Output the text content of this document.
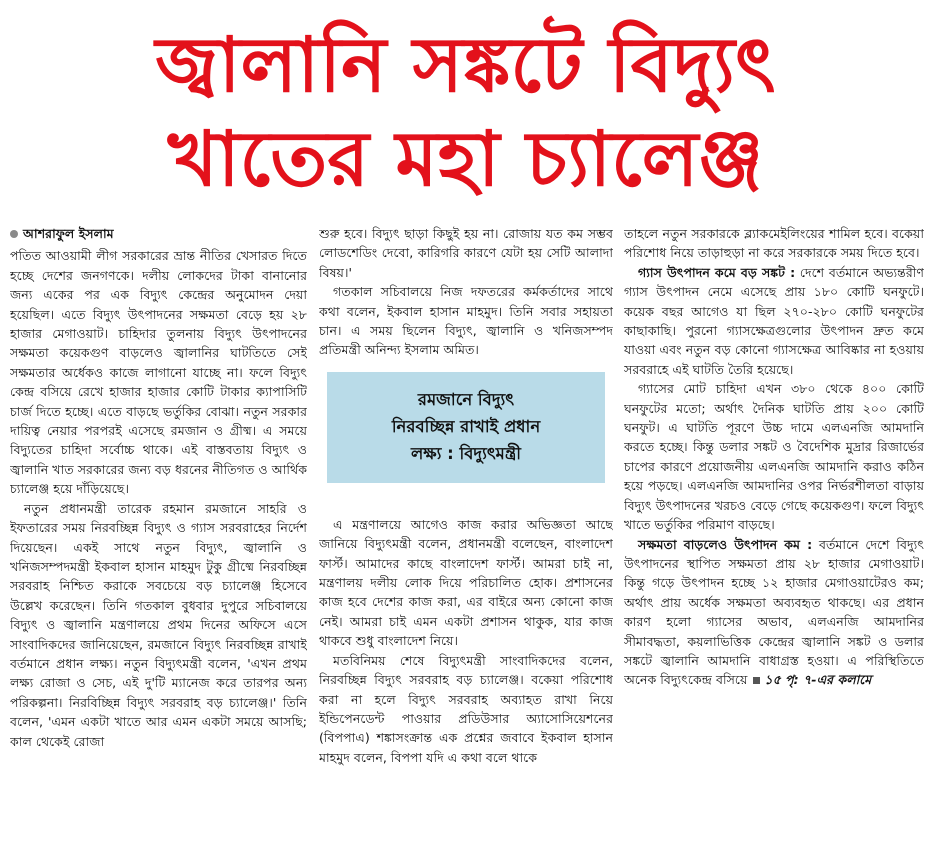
জ্বালানি সঙ্কটে বিদ্যুৎ
খাতের মহা চ্যালেঞ্জ
আশরাফুল ইসলাম

পতিত আওয়ামী লীগ সরকারের ভ্রান্ত নীতির খেসারত দিতে হচ্ছে দেশের জনগণকে। দলীয় লোকদের টাকা বানানোর জন্য একের পর এক বিদ্যুৎ কেন্দ্রের অনুমোদন দেয়া হয়েছিল। এতে বিদ্যুৎ উৎপাদনের সক্ষমতা বেড়ে হয় ২৮ হাজার মেগাওয়াট। চাহিদার তুলনায় বিদ্যুৎ উৎপাদনের সক্ষমতা কয়েকগুণ বাড়লেও জ্বালানির ঘাটতিতে সেই সক্ষমতার অর্ধেকও কাজে লাগানো যাচ্ছে না। ফলে বিদ্যুৎ কেন্দ্র বসিয়ে রেখে হাজার হাজার কোটি টাকার ক্যাপাসিটি চার্জ দিতে হচ্ছে। এতে বাড়ছে ভর্তুকির বোঝা। নতুন সরকার দায়িত্ব নেয়ার পরপরই এসেছে রমজান ও গ্রীষ্ম। এ সময়ে বিদ্যুতের চাহিদা সর্বোচ্চ থাকে। এই বাস্তবতায় বিদ্যুৎ ও জ্বালানি খাত সরকারের জন্য বড় ধরনের নীতিগত ও আর্থিক চ্যালেঞ্জ হয়ে দাঁড়িয়েছে।

নতুন প্রধানমন্ত্রী তারেক রহমান রমজানে সাহরি ও ইফতারের সময় নিরবচ্ছিন্ন বিদ্যুৎ ও গ্যাস সরবরাহের নির্দেশ দিয়েছেন। একই সাথে নতুন বিদ্যুৎ, জ্বালানি ও খনিজসম্পদমন্ত্রী ইকবাল হাসান মাহমুদ টুকু গ্রীষ্মে নিরবচ্ছিন্ন সরবরাহ নিশ্চিত করাকে সবচেয়ে বড় চ্যালেঞ্জ হিসেবে উল্লেখ করেছেন। তিনি গতকাল বুধবার দুপুরে সচিবালয়ে বিদ্যুৎ ও জ্বালানি মন্ত্রণালয়ে প্রথম দিনের অফিসে এসে সাংবাদিকদের জানিয়েছেন, রমজানে বিদ্যুৎ নিরবচ্ছিন্ন রাখাই বর্তমানে প্রধান লক্ষ্য। নতুন বিদ্যুৎমন্ত্রী বলেন, 'এখন প্রথম লক্ষ্য রোজা ও সেচ, এই দু'টি ম্যানেজ করে তারপর অন্য পরিকল্পনা। নিরবিচ্ছিন্ন বিদ্যুৎ সরবরাহ বড় চ্যালেঞ্জ।' তিনি বলেন, 'এমন একটা খাতে আর এমন একটা সময়ে আসছি; কাল থেকেই রোজা

শুরু হবে। বিদ্যুৎ ছাড়া কিছুই হয় না। রোজায় যত কম সম্ভব লোডশেডিং দেবো, কারিগরি কারণে যেটা হয় সেটি আলাদা বিষয়।'

গতকাল সচিবালয়ে নিজ দফতরের কর্মকর্তাদের সাথে কথা বলেন, ইকবাল হাসান মাহমুদ। তিনি সবার সহায়তা চান। এ সময় ছিলেন বিদ্যুৎ, জ্বালানি ও খনিজসম্পদ প্রতিমন্ত্রী অনিন্দ্য ইসলাম অমিত।

রমজানে বিদ্যুৎ
নিরবচ্ছিন্ন রাখাই প্রধান
লক্ষ্য : বিদ্যুৎমন্ত্রী

এ মন্ত্রণালয়ে আগেও কাজ করার অভিজ্ঞতা আছে জানিয়ে বিদ্যুৎমন্ত্রী বলেন, প্রধানমন্ত্রী বলেছেন, বাংলাদেশ ফার্স্ট। আমাদের কাছে বাংলাদেশ ফার্স্ট। আমরা চাই না, মন্ত্রণালয় দলীয় লোক দিয়ে পরিচালিত হোক। প্রশাসনের কাজ হবে দেশের কাজ করা, এর বাইরে অন্য কোনো কাজ নেই। আমরা চাই এমন একটা প্রশাসন থাকুক, যার কাজ থাকবে শুধু বাংলাদেশ নিয়ে।

মতবিনিময় শেষে বিদ্যুৎমন্ত্রী সাংবাদিকদের বলেন, নিরবচ্ছিন্ন বিদ্যুৎ সরবরাহ বড় চ্যালেঞ্জ। বকেয়া পরিশোধ করা না হলে বিদ্যুৎ সরবরাহ অব্যাহত রাখা নিয়ে ইন্ডিপেনডেন্ট পাওয়ার প্রডিউসার অ্যাসোসিয়েশনের (বিপপাএ) শঙ্কাসংক্রান্ত এক প্রশ্নের জবাবে ইকবাল হাসান মাহমুদ বলেন, বিপপা যদি এ কথা বলে থাকে

তাহলে নতুন সরকারকে ব্ল্যাকমেইলিংয়ের শামিল হবে। বকেয়া পরিশোধ নিয়ে তাড়াহুড়া না করে সরকারকে সময় দিতে হবে।

গ্যাস উৎপাদন কমে বড় সঙ্কট : দেশে বর্তমানে অভ্যন্তরীণ গ্যাস উৎপাদন নেমে এসেছে প্রায় ১৮০ কোটি ঘনফুটে। কয়েক বছর আগেও যা ছিল ২৭০-২৮০ কোটি ঘনফুটের কাছাকাছি। পুরনো গ্যাসক্ষেত্রগুলোর উৎপাদন দ্রুত কমে যাওয়া এবং নতুন বড় কোনো গ্যাসক্ষেত্র আবিষ্কার না হওয়ায় সরবরাহে এই ঘাটতি তৈরি হয়েছে।

গ্যাসের মোট চাহিদা এখন ৩৮০ থেকে ৪০০ কোটি ঘনফুটের মতো; অর্থাৎ দৈনিক ঘাটতি প্রায় ২০০ কোটি ঘনফুট। এ ঘাটতি পূরণে উচ্চ দামে এলএনজি আমদানি করতে হচ্ছে। কিন্তু ডলার সঙ্কট ও বৈদেশিক মুদ্রার রিজার্ভের চাপের কারণে প্রয়োজনীয় এলএনজি আমদানি করাও কঠিন হয়ে পড়ছে। এলএনজি আমদানির ওপর নির্ভরশীলতা বাড়ায় বিদ্যুৎ উৎপাদনের খরচও বেড়ে গেছে কয়েকগুণ। ফলে বিদ্যুৎ খাতে ভর্তুকির পরিমাণ বাড়ছে।

সক্ষমতা বাড়লেও উৎপাদন কম : বর্তমানে দেশে বিদ্যুৎ উৎপাদনের স্থাপিত সক্ষমতা প্রায় ২৮ হাজার মেগাওয়াট। কিন্তু গড়ে উৎপাদন হচ্ছে ১২ হাজার মেগাওয়াটেরও কম; অর্থাৎ প্রায় অর্ধেক সক্ষমতা অব্যবহৃত থাকছে। এর প্রধান কারণ হলো গ্যাসের অভাব, এলএনজি আমদানির সীমাবদ্ধতা, কয়লাভিত্তিক কেন্দ্রের জ্বালানি সঙ্কট ও ডলার সঙ্কটে জ্বালানি আমদানি বাধাগ্রস্ত হওয়া। এ পরিস্থিতিতে অনেক বিদ্যুৎকেন্দ্র বসিয়ে ১৫ পৃ: ৭-এর কলামে
